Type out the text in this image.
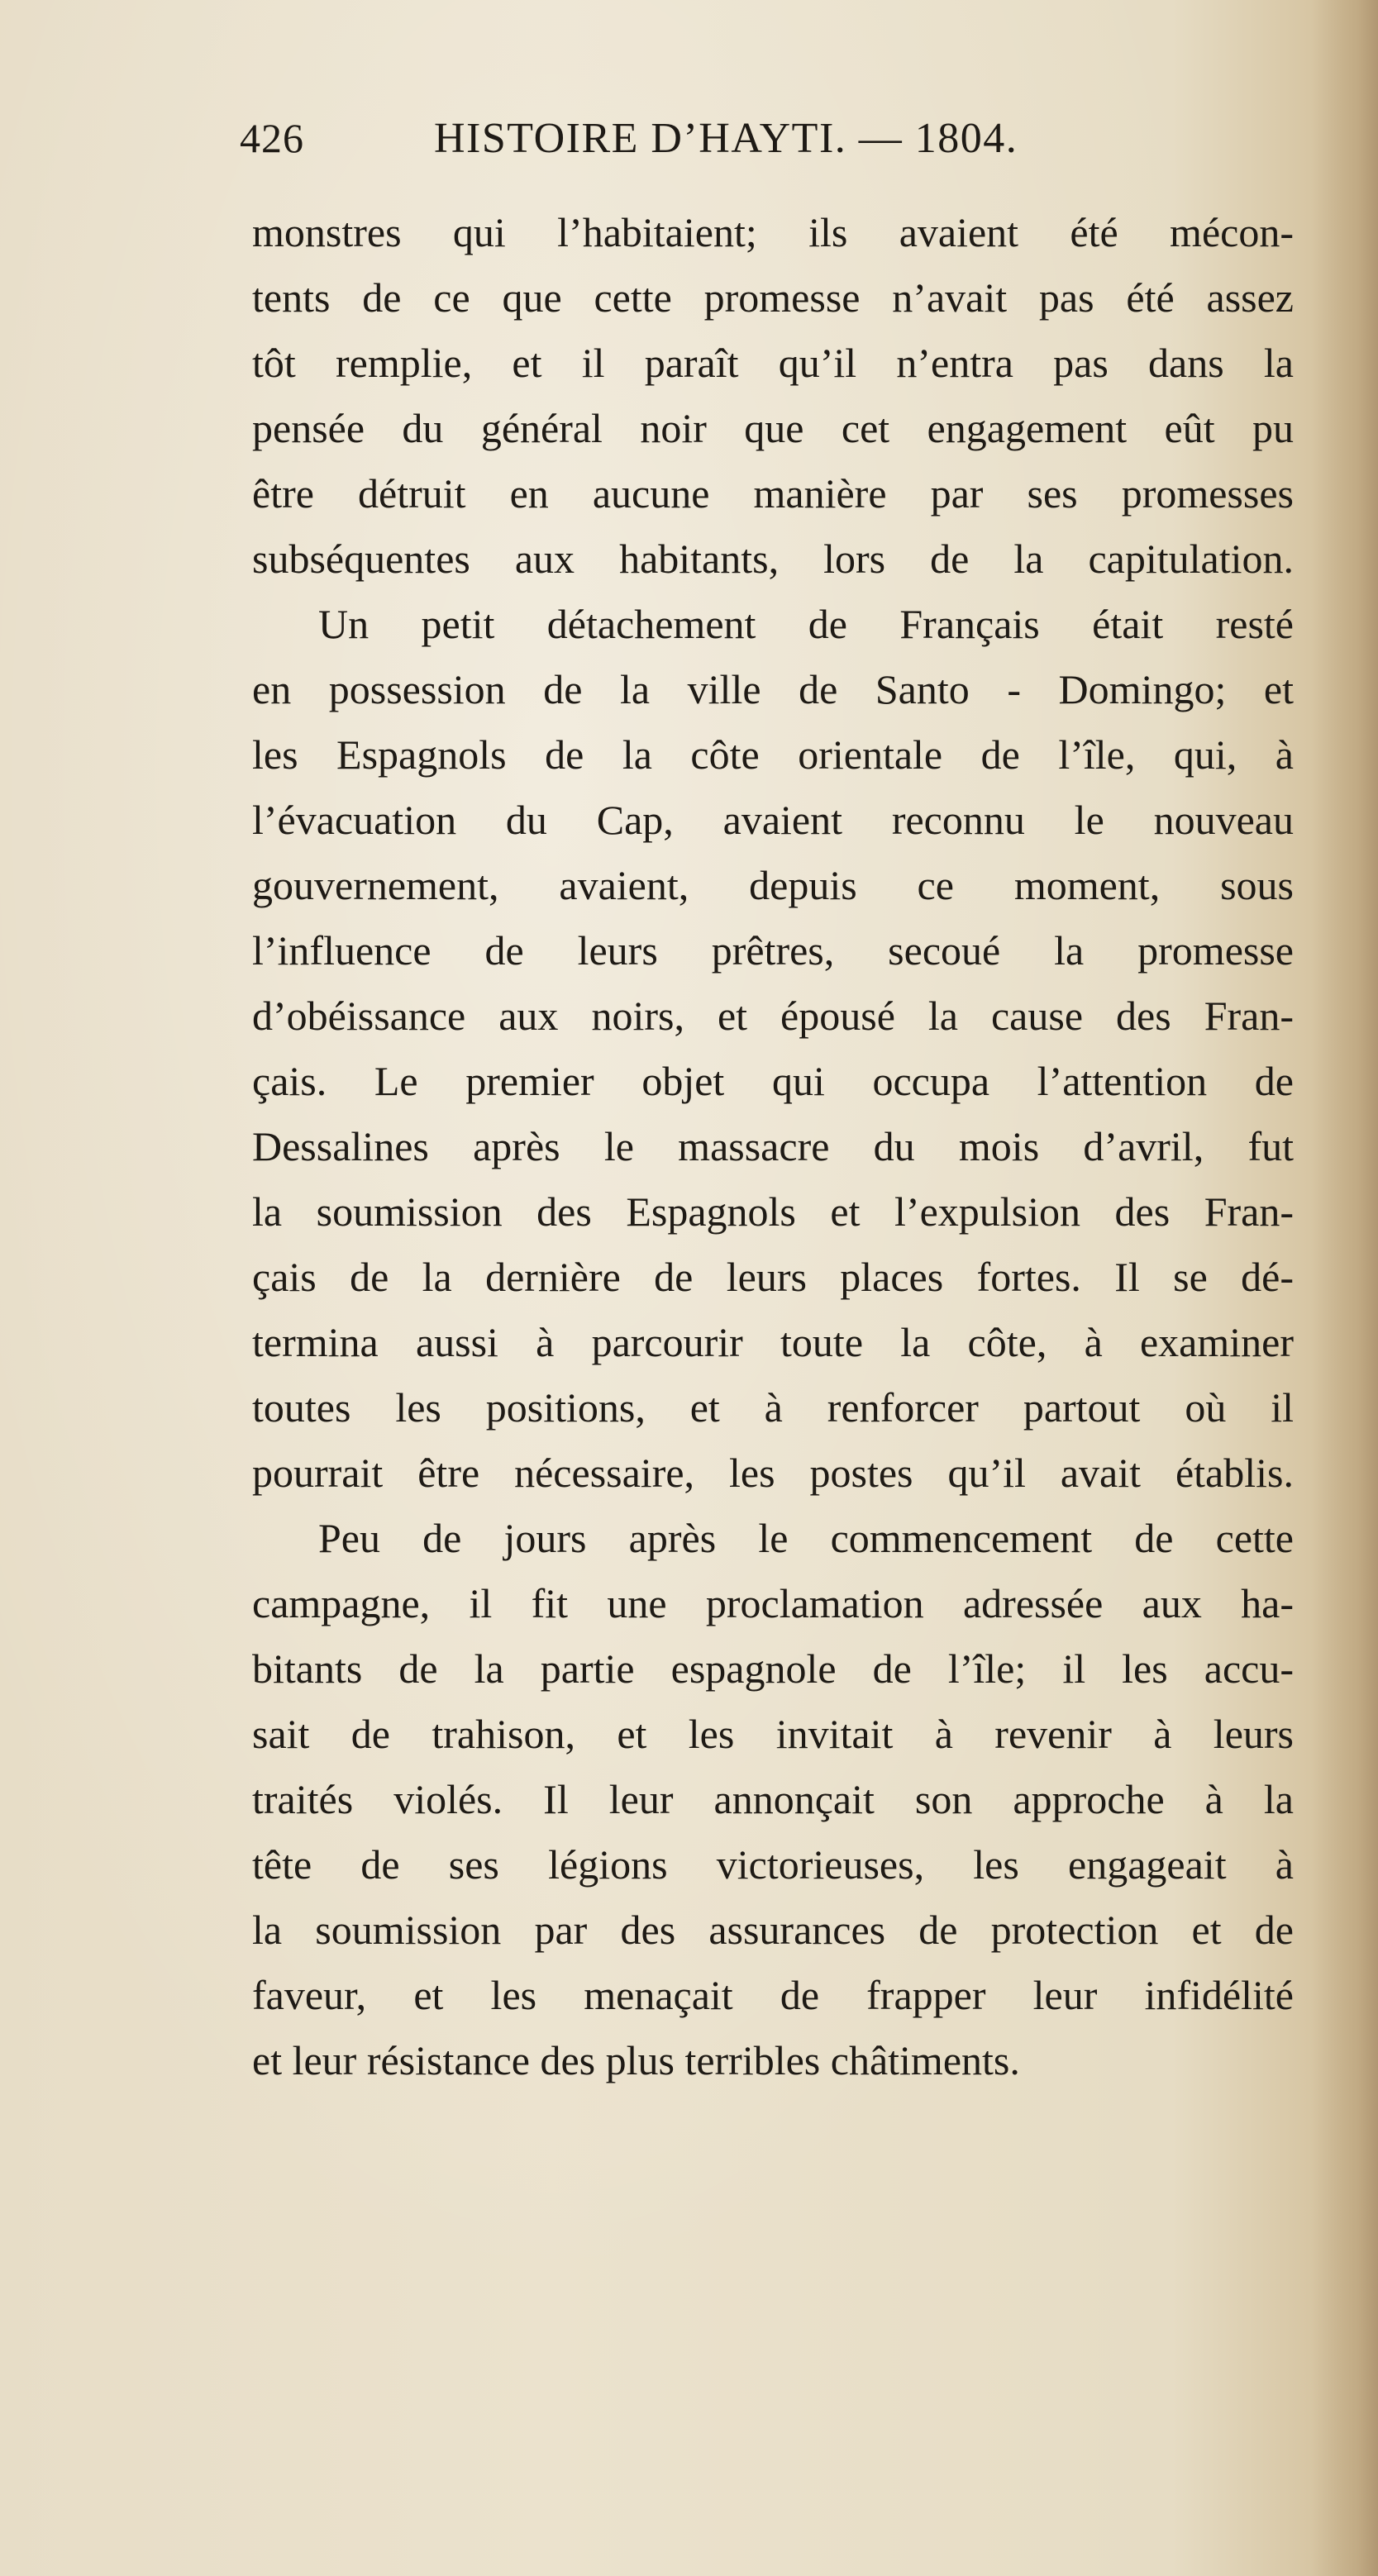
426	HISTOIRE D’HAYTI. — 1804.
monstres qui l’habitaient; ils avaient été mécon-
tents de ce que cette promesse n’avait pas été assez
tôt remplie, et il paraît qu’il n’entra pas dans la
pensée du général noir que cet engagement eût pu
être détruit en aucune manière par ses promesses
subséquentes aux habitants, lors de la capitulation.
Un petit détachement de Français était resté
en possession de la ville de Santo - Domingo; et
les Espagnols de la côte orientale de l’île, qui, à
l’évacuation du Cap, avaient reconnu le nouveau
gouvernement, avaient, depuis ce moment, sous
l’influence de leurs prêtres, secoué la promesse
d’obéissance aux noirs, et épousé la cause des Fran-
çais. Le premier objet qui occupa l’attention de
Dessalines après le massacre du mois d’avril, fut
la soumission des Espagnols et l’expulsion des Fran-
çais de la dernière de leurs places fortes. Il se dé-
termina aussi à parcourir toute la côte, à examiner
toutes les positions, et à renforcer partout où il
pourrait être nécessaire, les postes qu’il avait établis.
Peu de jours après le commencement de cette
campagne, il fit une proclamation adressée aux ha-
bitants de la partie espagnole de l’île; il les accu-
sait de trahison, et les invitait à revenir à leurs
traités violés. Il leur annonçait son approche à la
tête de ses légions victorieuses, les engageait à
la soumission par des assurances de protection et de
faveur, et les menaçait de frapper leur infidélité
et leur résistance des plus terribles châtiments.
